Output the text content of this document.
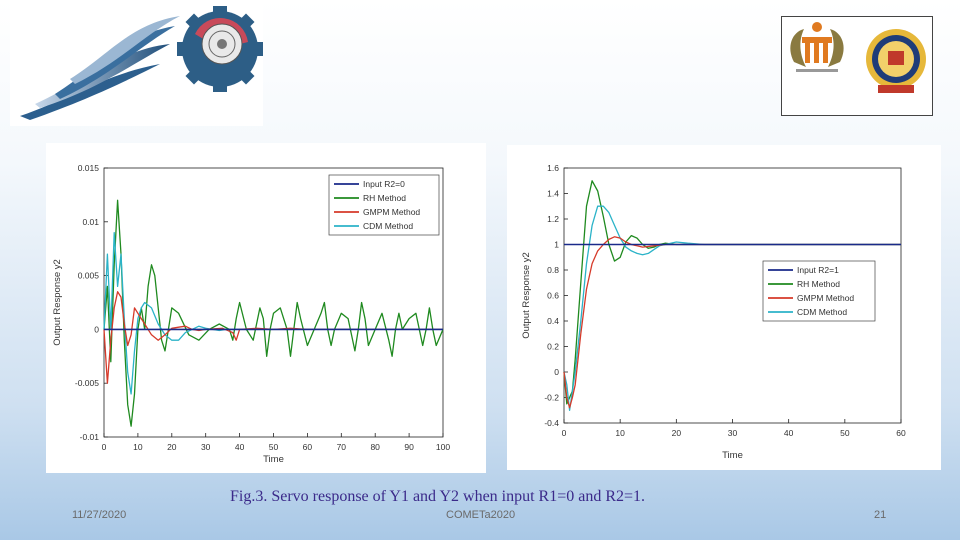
0	10	20	30	40	50	60	70	80	90	100
0.015
0.01
0.005
0
-0.005
-0.01
Time
Output Response y2
Input R2=0
RH Method
GMPM Method
CDM Method
0	10	20	30	40	50	60
1.6
1.4
1.2
1
0.8
0.6
0.4
0.2
0
-0.2
-0.4
Time
Output Response y2	Input R2=1
RH Method
GMPM Method
CDM Method
Fig.3. Servo response of Y1 and Y2 when input R1=0 and R2=1.
11/27/2020	COMETa2020	21
